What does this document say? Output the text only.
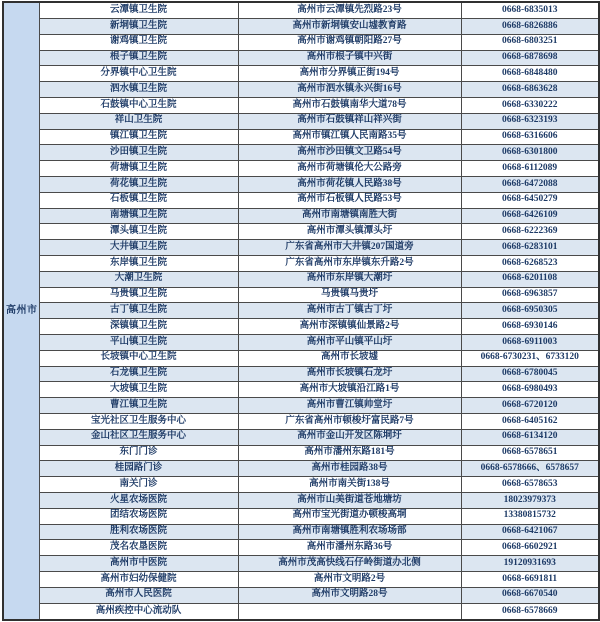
高州市	云潭镇卫生院	高州市云潭镇先烈路23号	0668-6835013
	新垌镇卫生院	高州市新垌镇安山墟教育路	0668-6826886
	谢鸡镇卫生院	高州市谢鸡镇朝阳路27号	0668-6803251
	根子镇卫生院	高州市根子镇中兴街	0668-6878698
	分界镇中心卫生院	高州市分界镇正街194号	0668-6848480
	泗水镇卫生院	高州市泗水镇永兴街16号	0668-6863628
	石鼓镇中心卫生院	高州市石鼓镇南华大道78号	0668-6330222
	祥山卫生院	高州市石鼓镇祥山祥兴街	0668-6323193
	镇江镇卫生院	高州市镇江镇人民南路35号	0668-6316606
	沙田镇卫生院	高州市沙田镇文卫路54号	0668-6301800
	荷塘镇卫生院	高州市荷塘镇伦大公路旁	0668-6112089
	荷花镇卫生院	高州市荷花镇人民路38号	0668-6472088
	石板镇卫生院	高州市石板镇人民路53号	0668-6450279
	南塘镇卫生院	高州市南塘镇南胜大街	0668-6426109
	潭头镇卫生院	高州市潭头镇潭头圩	0668-6222369
	大井镇卫生院	广东省高州市大井镇207国道旁	0668-6283101
	东岸镇卫生院	广东省高州市东岸镇东升路2号	0668-6268523
	大潮卫生院	高州市东岸镇大潮圩	0668-6201108
	马贵镇卫生院	马贵镇马贵圩	0668-6963857
	古丁镇卫生院	高州市古丁镇古丁圩	0668-6950305
	深镇镇卫生院	高州市深镇镇仙景路2号	0668-6930146
	平山镇卫生院	高州市平山镇平山圩	0668-6911003
	长坡镇中心卫生院	高州市长坡墟	0668-6730231、6733120
	石龙镇卫生院	高州市长坡镇石龙圩	0668-6780045
	大坡镇卫生院	高州市大坡镇沿江路1号	0668-6980493
	曹江镇卫生院	高州市曹江镇帅堂圩	0668-6720120
	宝光社区卫生服务中心	广东省高州市顿梭圩富民路7号	0668-6405162
	金山社区卫生服务中心	高州市金山开发区陈垌圩	0668-6134120
	东门门诊	高州市潘州东路181号	0668-6578651
	桂园路门诊	高州市桂园路38号	0668-6578666、6578657
	南关门诊	高州市南关街138号	0668-6578653
	火星农场医院	高州市山美街道苍地塘坊	18023979373
	团结农场医院	高州市宝光街道办顿梭高垌	13380815732
	胜利农场医院	高州市南塘镇胜利农场场部	0668-6421067
	茂名农垦医院	高州市潘州东路36号	0668-6602921
	高州市中医院	高州市茂高快线石仔岭街道办北侧	19120931693
	高州市妇幼保健院	高州市文明路2号	0668-6691811
	高州市人民医院	高州市文明路28号	0668-6670540
	高州疾控中心流动队		0668-6578669
